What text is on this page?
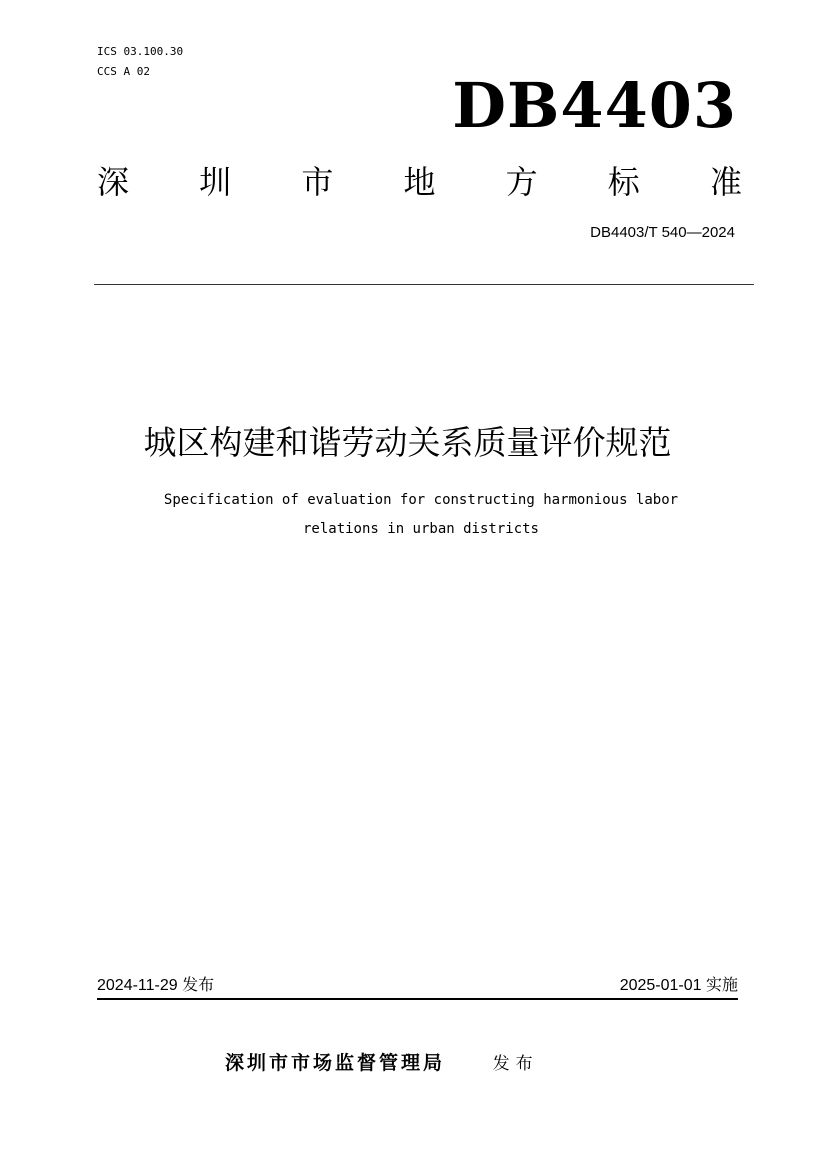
ICS 03.100.30
CCS A 02	DB4403
深 圳 市 地 方 标 准
DB4403/T 540—2024
城区构建和谐劳动关系质量评价规范
Specification of evaluation for constructing harmonious labor
relations in urban districts
2024-11-29 发布	2025-01-01 实施
深圳市市场监督管理局	发布
